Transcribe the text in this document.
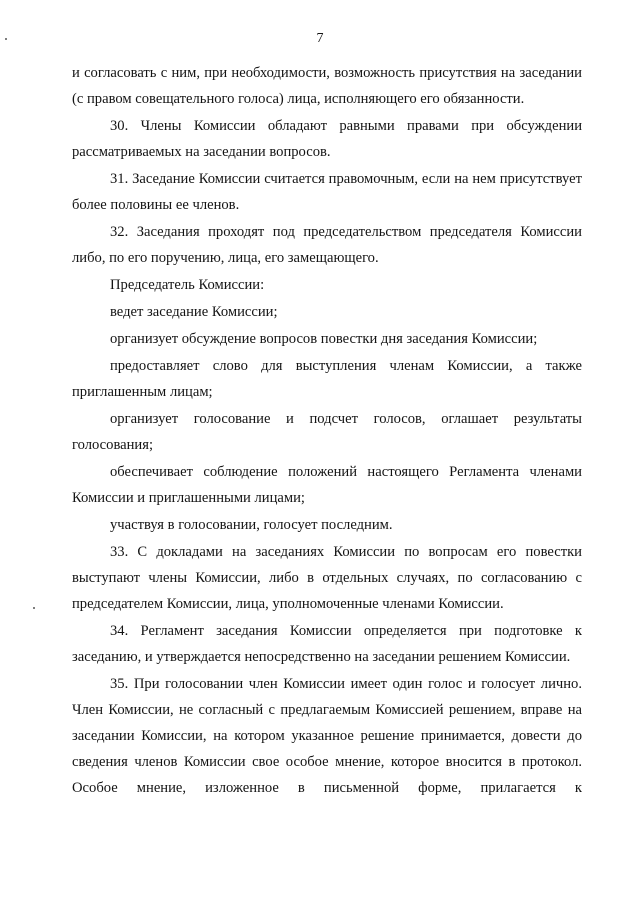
7

и согласовать с ним, при необходимости, возможность присутствия на заседании (с правом совещательного голоса) лица, исполняющего его обязанности.

30. Члены Комиссии обладают равными правами при обсуждении рассматриваемых на заседании вопросов.

31. Заседание Комиссии считается правомочным, если на нем присутствует более половины ее членов.

32. Заседания проходят под председательством председателя Комиссии либо, по его поручению, лица, его замещающего.

Председатель Комиссии:

ведет заседание Комиссии;

организует обсуждение вопросов повестки дня заседания Комиссии;

предоставляет слово для выступления членам Комиссии, а также приглашенным лицам;

организует голосование и подсчет голосов, оглашает результаты голосования;

обеспечивает соблюдение положений настоящего Регламента членами Комиссии и приглашенными лицами;

участвуя в голосовании, голосует последним.

33. С докладами на заседаниях Комиссии по вопросам его повестки выступают члены Комиссии, либо в отдельных случаях, по согласованию с председателем Комиссии, лица, уполномоченные членами Комиссии.

34. Регламент заседания Комиссии определяется при подготовке к заседанию, и утверждается непосредственно на заседании решением Комиссии.

35. При голосовании член Комиссии имеет один голос и голосует лично. Член Комиссии, не согласный с предлагаемым Комиссией решением, вправе на заседании Комиссии, на котором указанное решение принимается, довести до сведения членов Комиссии свое особое мнение, которое вносится в протокол. Особое мнение, изложенное в письменной форме, прилагается к
